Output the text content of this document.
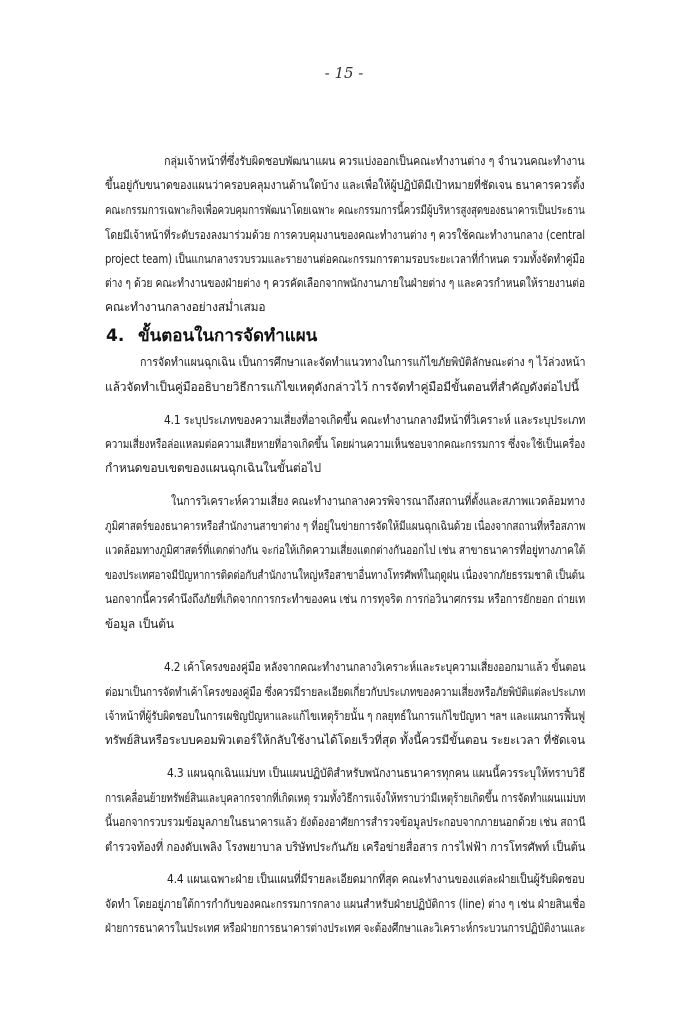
- 15 -
กลุ่มเจ้าหน้าที่ซึ่งรับผิดชอบพัฒนาแผน ควรแบ่งออกเป็นคณะทำงานต่าง ๆ จำนวนคณะทำงาน
ขึ้นอยู่กับขนาดของแผนว่าครอบคลุมงานด้านใดบ้าง และเพื่อให้ผู้ปฏิบัติมีเป้าหมายที่ชัดเจน ธนาคารควรตั้ง
คณะกรรมการเฉพาะกิจเพื่อควบคุมการพัฒนาโดยเฉพาะ คณะกรรมการนี้ควรมีผู้บริหารสูงสุดของธนาคารเป็นประธาน
โดยมีเจ้าหน้าที่ระดับรองลงมาร่วมด้วย การควบคุมงานของคณะทำงานต่าง ๆ ควรใช้คณะทำงานกลาง (central
project team) เป็นแกนกลางรวบรวมและรายงานต่อคณะกรรมการตามรอบระยะเวลาที่กำหนด รวมทั้งจัดทำคู่มือ
ต่าง ๆ ด้วย คณะทำงานของฝ่ายต่าง ๆ ควรคัดเลือกจากพนักงานภายในฝ่ายต่าง ๆ และควรกำหนดให้รายงานต่อ
คณะทำงานกลางอย่างสม่ำเสมอ
4. ขั้นตอนในการจัดทำแผน
การจัดทำแผนฉุกเฉิน เป็นการศึกษาและจัดทำแนวทางในการแก้ไขภัยพิบัติลักษณะต่าง ๆ ไว้ล่วงหน้า
แล้วจัดทำเป็นคู่มืออธิบายวิธีการแก้ไขเหตุดังกล่าวไว้ การจัดทำคู่มือมีขั้นตอนที่สำคัญดังต่อไปนี้
4.1 ระบุประเภทของความเสี่ยงที่อาจเกิดขึ้น คณะทำงานกลางมีหน้าที่วิเคราะห์ และระบุประเภท
ความเสี่ยงหรือล่อแหลมต่อความเสียหายที่อาจเกิดขึ้น โดยผ่านความเห็นชอบจากคณะกรรมการ ซึ่งจะใช้เป็นเครื่อง
กำหนดขอบเขตของแผนฉุกเฉินในขั้นต่อไป
ในการวิเคราะห์ความเสี่ยง คณะทำงานกลางควรพิจารณาถึงสถานที่ตั้งและสภาพแวดล้อมทาง
ภูมิศาสตร์ของธนาคารหรือสำนักงานสาขาต่าง ๆ ที่อยู่ในข่ายการจัดให้มีแผนฉุกเฉินด้วย เนื่องจากสถานที่หรือสภาพ
แวดล้อมทางภูมิศาสตร์ที่แตกต่างกัน จะก่อให้เกิดความเสี่ยงแตกต่างกันออกไป เช่น สาขาธนาคารที่อยู่ทางภาคใต้
ของประเทศอาจมีปัญหาการติดต่อกับสำนักงานใหญ่หรือสาขาอื่นทางโทรศัพท์ในฤดูฝน เนื่องจากภัยธรรมชาติ เป็นต้น
นอกจากนี้ควรคำนึงถึงภัยที่เกิดจากการกระทำของคน เช่น การทุจริต การก่อวินาศกรรม หรือการยักยอก ถ่ายเท
ข้อมูล เป็นต้น
4.2 เค้าโครงของคู่มือ หลังจากคณะทำงานกลางวิเคราะห์และระบุความเสี่ยงออกมาแล้ว ขั้นตอน
ต่อมาเป็นการจัดทำเค้าโครงของคู่มือ ซึ่งควรมีรายละเอียดเกี่ยวกับประเภทของความเสี่ยงหรือภัยพิบัติแต่ละประเภท
เจ้าหน้าที่ผู้รับผิดชอบในการเผชิญปัญหาและแก้ไขเหตุร้ายนั้น ๆ กลยุทธ์ในการแก้ไขปัญหา ฯลฯ และแผนการฟื้นฟู
ทรัพย์สินหรือระบบคอมพิวเตอร์ให้กลับใช้งานได้โดยเร็วที่สุด ทั้งนี้ควรมีขั้นตอน ระยะเวลา ที่ชัดเจน
4.3 แผนฉุกเฉินแม่บท เป็นแผนปฏิบัติสำหรับพนักงานธนาคารทุกคน แผนนี้ควรระบุให้ทราบวิธี
การเคลื่อนย้ายทรัพย์สินและบุคลากรจากที่เกิดเหตุ รวมทั้งวิธีการแจ้งให้ทราบว่ามีเหตุร้ายเกิดขึ้น การจัดทำแผนแม่บท
นี้นอกจากรวบรวมข้อมูลภายในธนาคารแล้ว ยังต้องอาศัยการสำรวจข้อมูลประกอบจากภายนอกด้วย เช่น สถานี
ตำรวจท้องที่ กองดับเพลิง โรงพยาบาล บริษัทประกันภัย เครือข่ายสื่อสาร การไฟฟ้า การโทรศัพท์ เป็นต้น
4.4 แผนเฉพาะฝ่าย เป็นแผนที่มีรายละเอียดมากที่สุด คณะทำงานของแต่ละฝ่ายเป็นผู้รับผิดชอบ
จัดทำ โดยอยู่ภายใต้การกำกับของคณะกรรมการกลาง แผนสำหรับฝ่ายปฏิบัติการ (line) ต่าง ๆ เช่น ฝ่ายสินเชื่อ
ฝ่ายการธนาคารในประเทศ หรือฝ่ายการธนาคารต่างประเทศ จะต้องศึกษาและวิเคราะห์กระบวนการปฏิบัติงานและ
